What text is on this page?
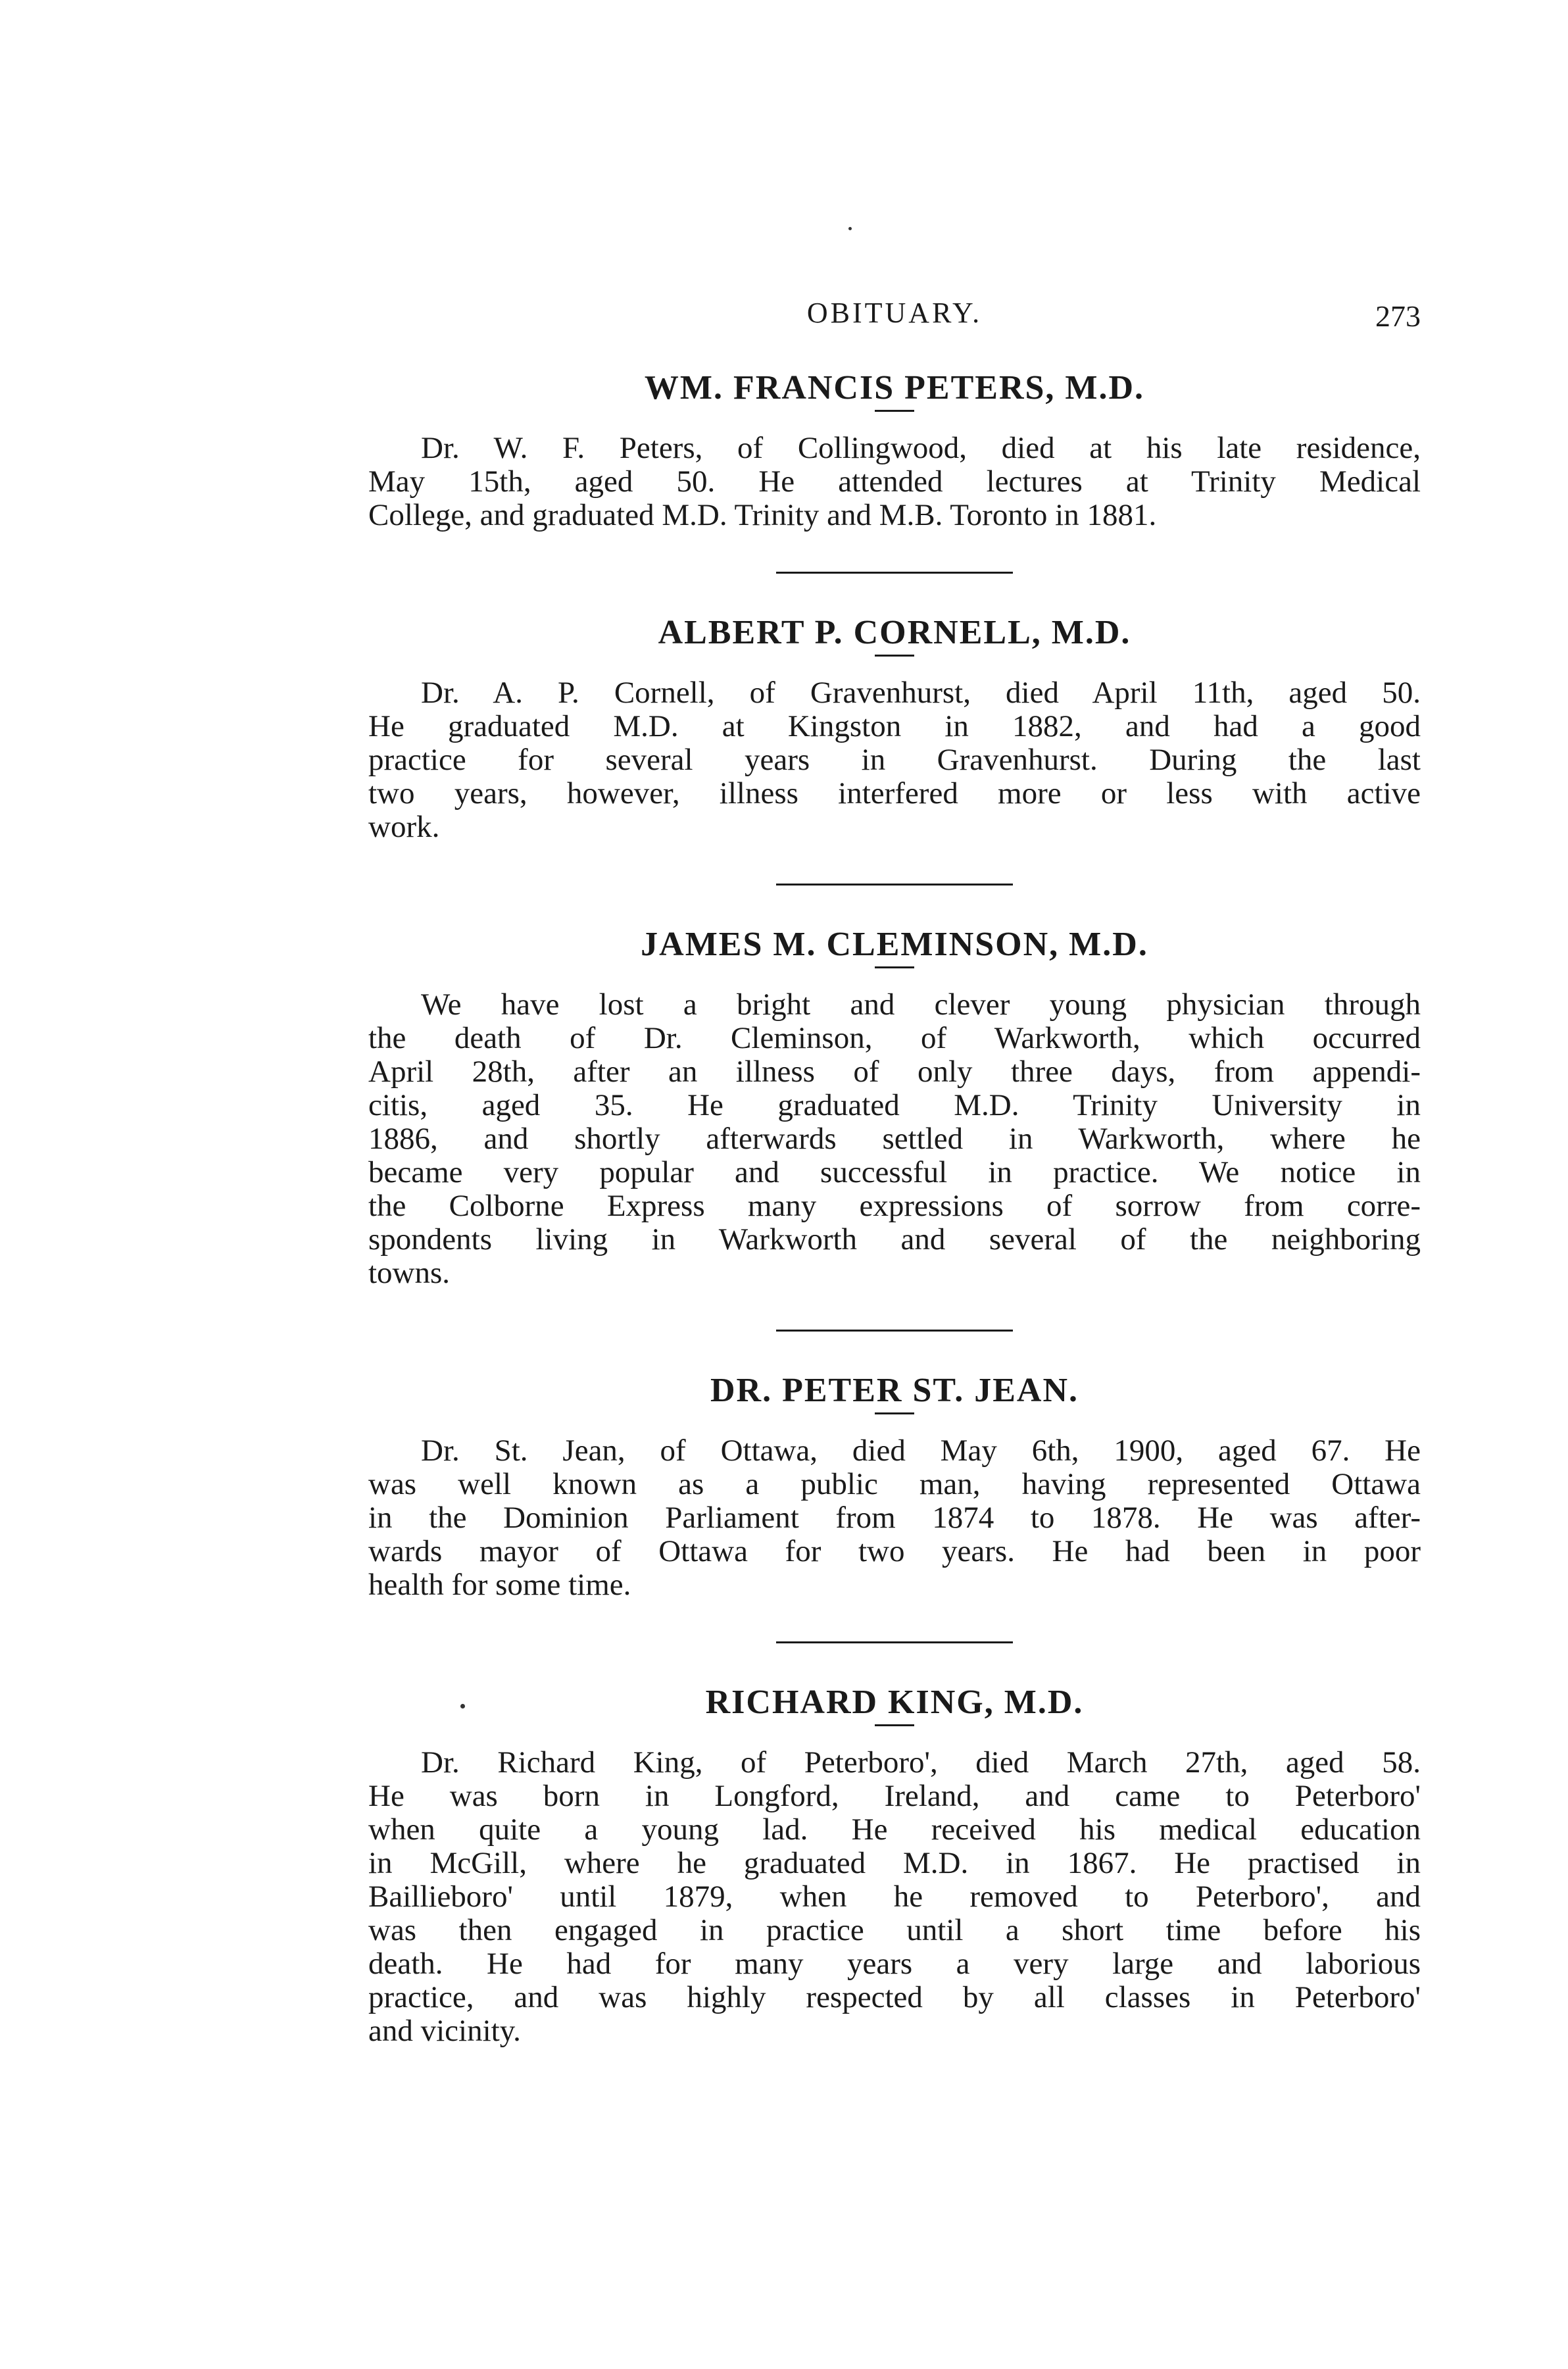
OBITUARY.	273
WM. FRANCIS PETERS, M.D.

Dr. W. F. Peters, of Collingwood, died at his late residence,
May 15th, aged 50. He attended lectures at Trinity Medical
College, and graduated M.D. Trinity and M.B. Toronto in 1881.

ALBERT P. CORNELL, M.D.

Dr. A. P. Cornell, of Gravenhurst, died April 11th, aged 50.
He graduated M.D. at Kingston in 1882, and had a good
practice for several years in Gravenhurst. During the last
two years, however, illness interfered more or less with active
work.

JAMES M. CLEMINSON, M.D.

We have lost a bright and clever young physician through
the death of Dr. Cleminson, of Warkworth, which occurred
April 28th, after an illness of only three days, from appendi-
citis, aged 35. He graduated M.D. Trinity University in
1886, and shortly afterwards settled in Warkworth, where he
became very popular and successful in practice. We notice in
the Colborne Express many expressions of sorrow from corre-
spondents living in Warkworth and several of the neighboring
towns.

DR. PETER ST. JEAN.

Dr. St. Jean, of Ottawa, died May 6th, 1900, aged 67. He
was well known as a public man, having represented Ottawa
in the Dominion Parliament from 1874 to 1878. He was after-
wards mayor of Ottawa for two years. He had been in poor
health for some time.

RICHARD KING, M.D.

Dr. Richard King, of Peterboro', died March 27th, aged 58.
He was born in Longford, Ireland, and came to Peterboro'
when quite a young lad. He received his medical education
in McGill, where he graduated M.D. in 1867. He practised in
Baillieboro' until 1879, when he removed to Peterboro', and
was then engaged in practice until a short time before his
death. He had for many years a very large and laborious
practice, and was highly respected by all classes in Peterboro'
and vicinity.
